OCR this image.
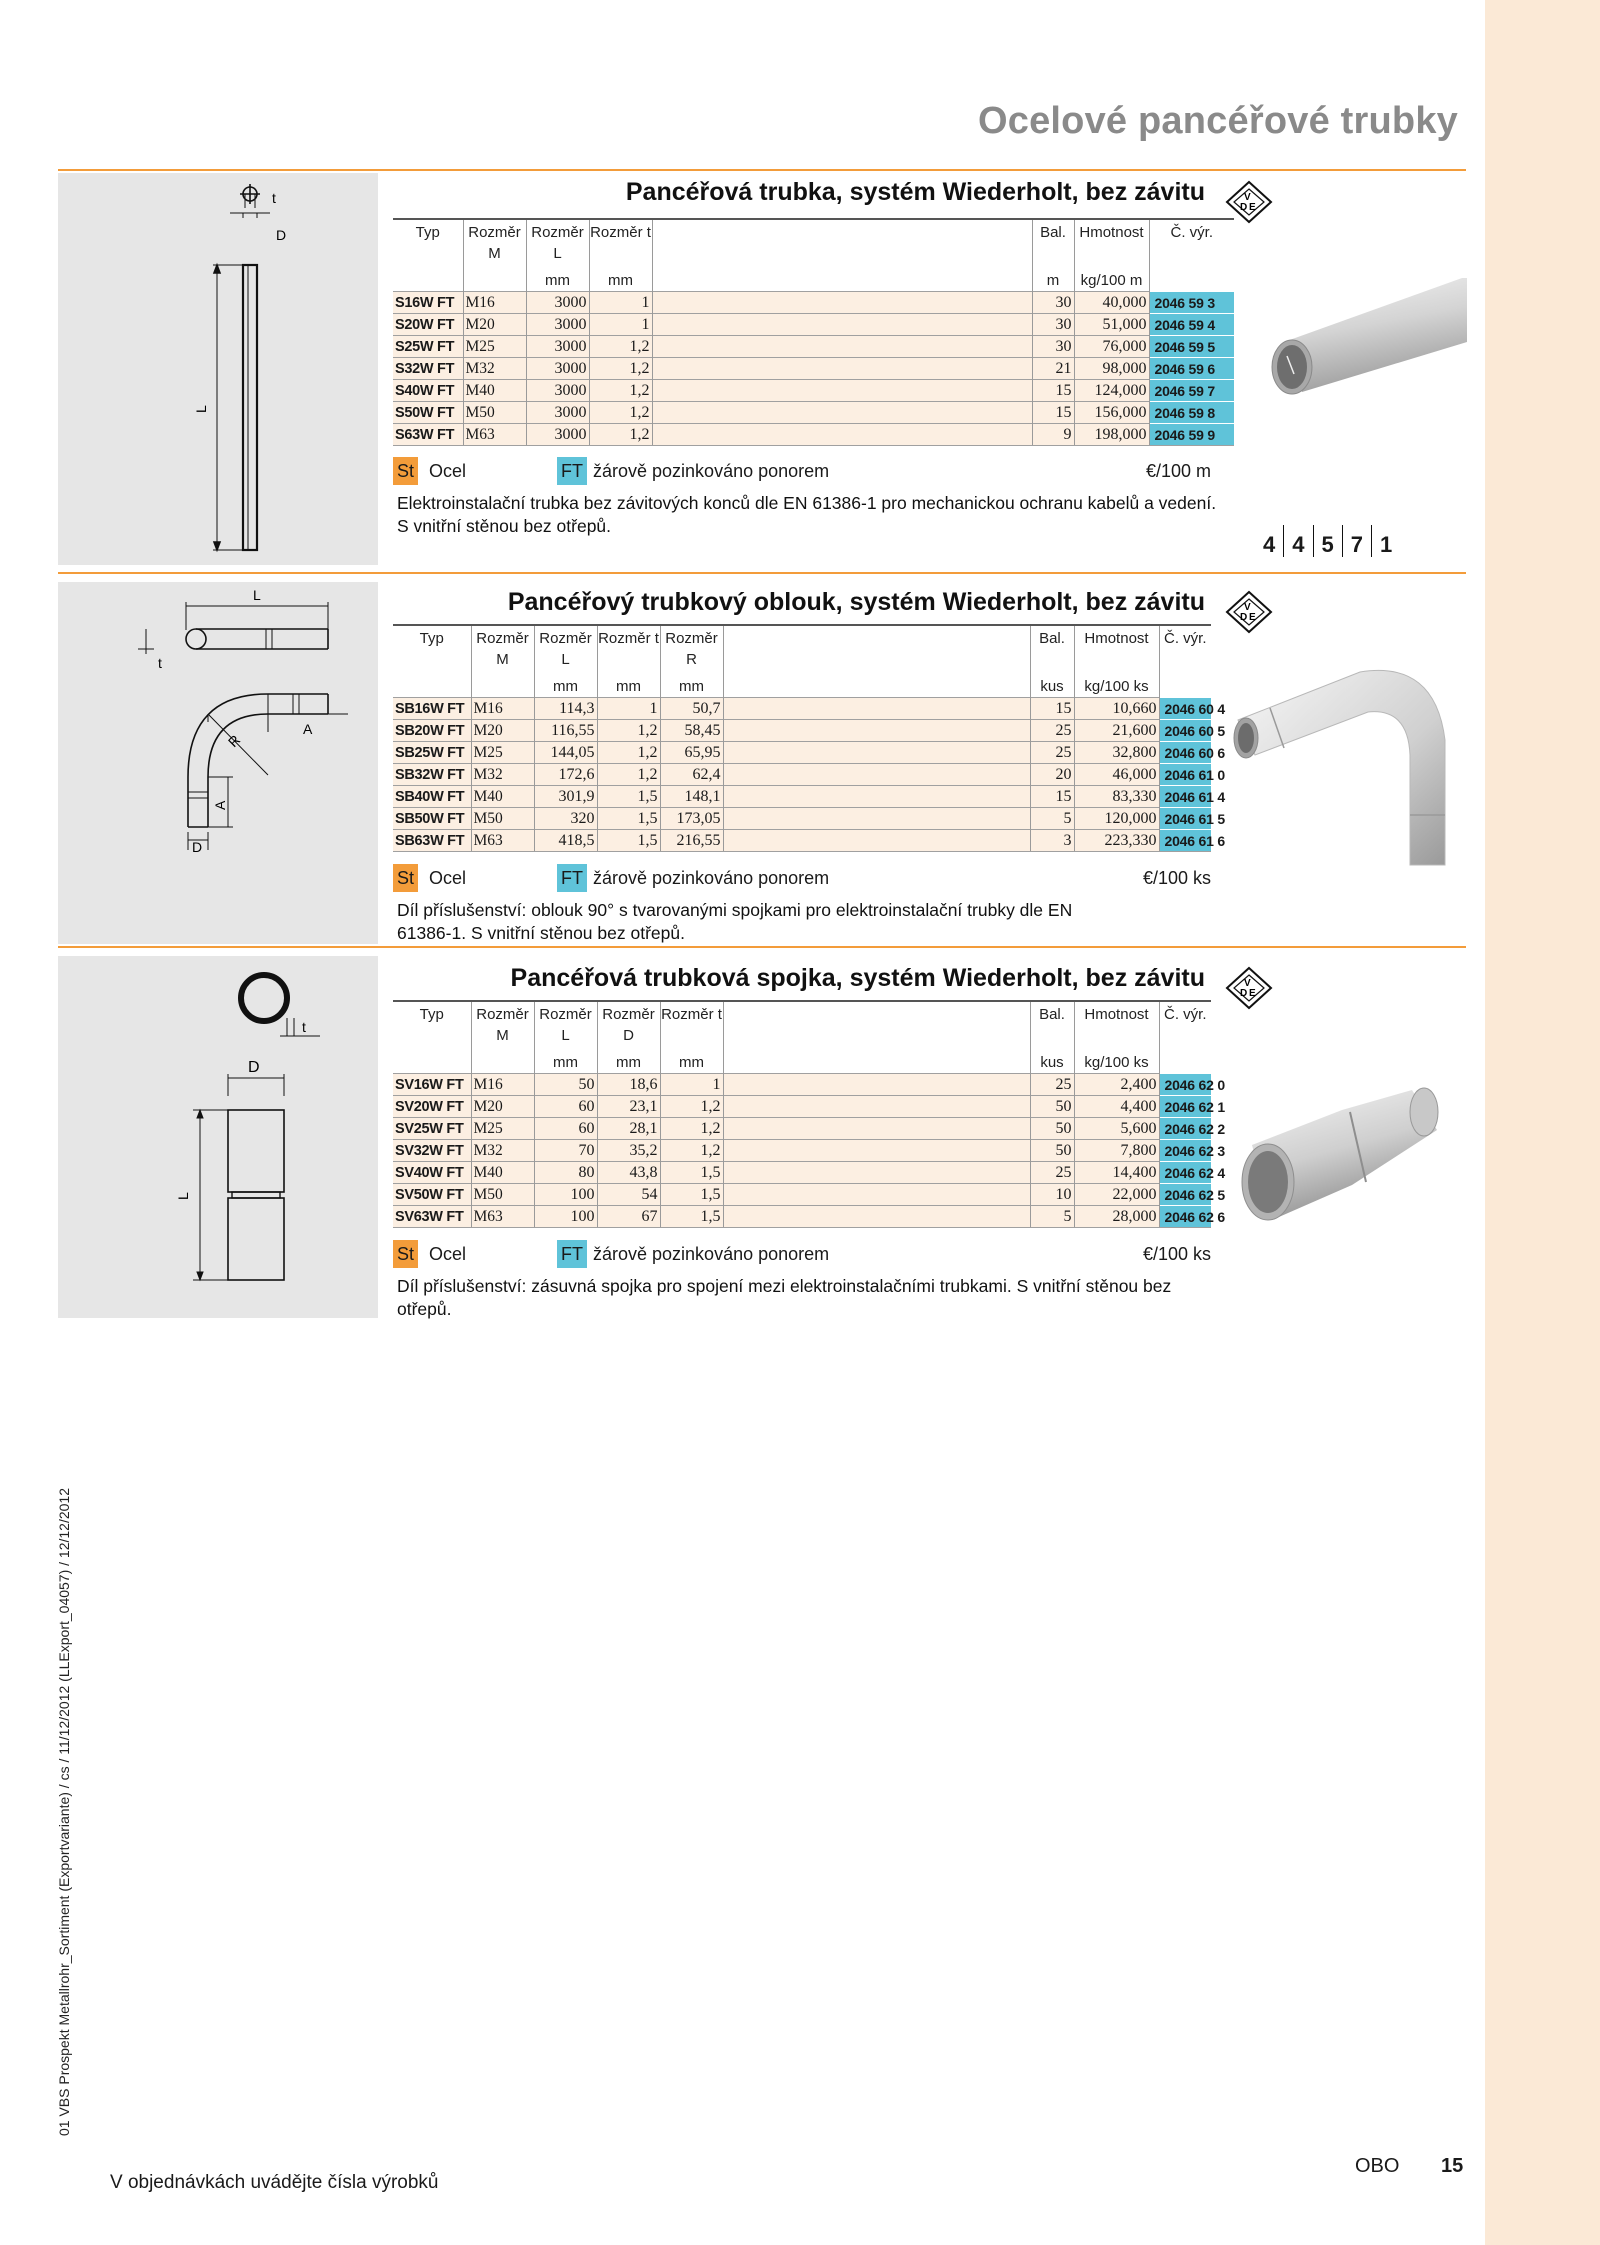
Ocelové pancéřové trubky
t
D
L
Pancéřová trubka, systém Wiederholt, bez závitu	V
D E
Typ	Rozměr M	Rozměr L	Rozměr t		Bal.	Hmotnost	Č. výr.
		mm	mm		m	kg/100 m	
S16W FT	M16	3000	1		30	40,000	2046 59 3
S20W FT	M20	3000	1		30	51,000	2046 59 4
S25W FT	M25	3000	1,2		30	76,000	2046 59 5
S32W FT	M32	3000	1,2		21	98,000	2046 59 6
S40W FT	M40	3000	1,2		15	124,000	2046 59 7
S50W FT	M50	3000	1,2		15	156,000	2046 59 8
S63W FT	M63	3000	1,2		9	198,000	2046 59 9
St Ocel	FT žárově pozinkováno ponorem	€/100 m
Elektroinstalační trubka bez závitových konců dle EN 61386-1 pro mechanickou ochranu kabelů a vedení. S vnitřní stěnou bez otřepů.
4 4 5 7 1
L
t
A
R
A
D
Pancéřový trubkový oblouk, systém Wiederholt, bez závitu	V
D E
Typ	Rozměr M	Rozměr L	Rozměr t	Rozměr R		Bal.	Hmotnost	Č. výr.
		mm	mm	mm		kus	kg/100 ks	
SB16W FT	M16	114,3	1	50,7		15	10,660	2046 60 4
SB20W FT	M20	116,55	1,2	58,45		25	21,600	2046 60 5
SB25W FT	M25	144,05	1,2	65,95		25	32,800	2046 60 6
SB32W FT	M32	172,6	1,2	62,4		20	46,000	2046 61 0
SB40W FT	M40	301,9	1,5	148,1		15	83,330	2046 61 4
SB50W FT	M50	320	1,5	173,05		5	120,000	2046 61 5
SB63W FT	M63	418,5	1,5	216,55		3	223,330	2046 61 6
St Ocel	FT žárově pozinkováno ponorem	€/100 ks
Díl příslušenství: oblouk 90° s tvarovanými spojkami pro elektroinstalační trubky dle EN 61386-1. S vnitřní stěnou bez otřepů.
t
D
L
Pancéřová trubková spojka, systém Wiederholt, bez závitu	V
D E
Typ	Rozměr M	Rozměr L	Rozměr D	Rozměr t		Bal.	Hmotnost	Č. výr.
		mm	mm	mm		kus	kg/100 ks	
SV16W FT	M16	50	18,6	1		25	2,400	2046 62 0
SV20W FT	M20	60	23,1	1,2		50	4,400	2046 62 1
SV25W FT	M25	60	28,1	1,2		50	5,600	2046 62 2
SV32W FT	M32	70	35,2	1,2		50	7,800	2046 62 3
SV40W FT	M40	80	43,8	1,5		25	14,400	2046 62 4
SV50W FT	M50	100	54	1,5		10	22,000	2046 62 5
SV63W FT	M63	100	67	1,5		5	28,000	2046 62 6
St Ocel	FT žárově pozinkováno ponorem	€/100 ks
Díl příslušenství: zásuvná spojka pro spojení mezi elektroinstalačními trubkami. S vnitřní stěnou bez otřepů.
V objednávkách uvádějte čísla výrobků
OBO 15
01 VBS Prospekt Metallrohr_Sortiment (Exportvariante) / cs / 11/12/2012 (LLExport_04057) / 12/12/2012
